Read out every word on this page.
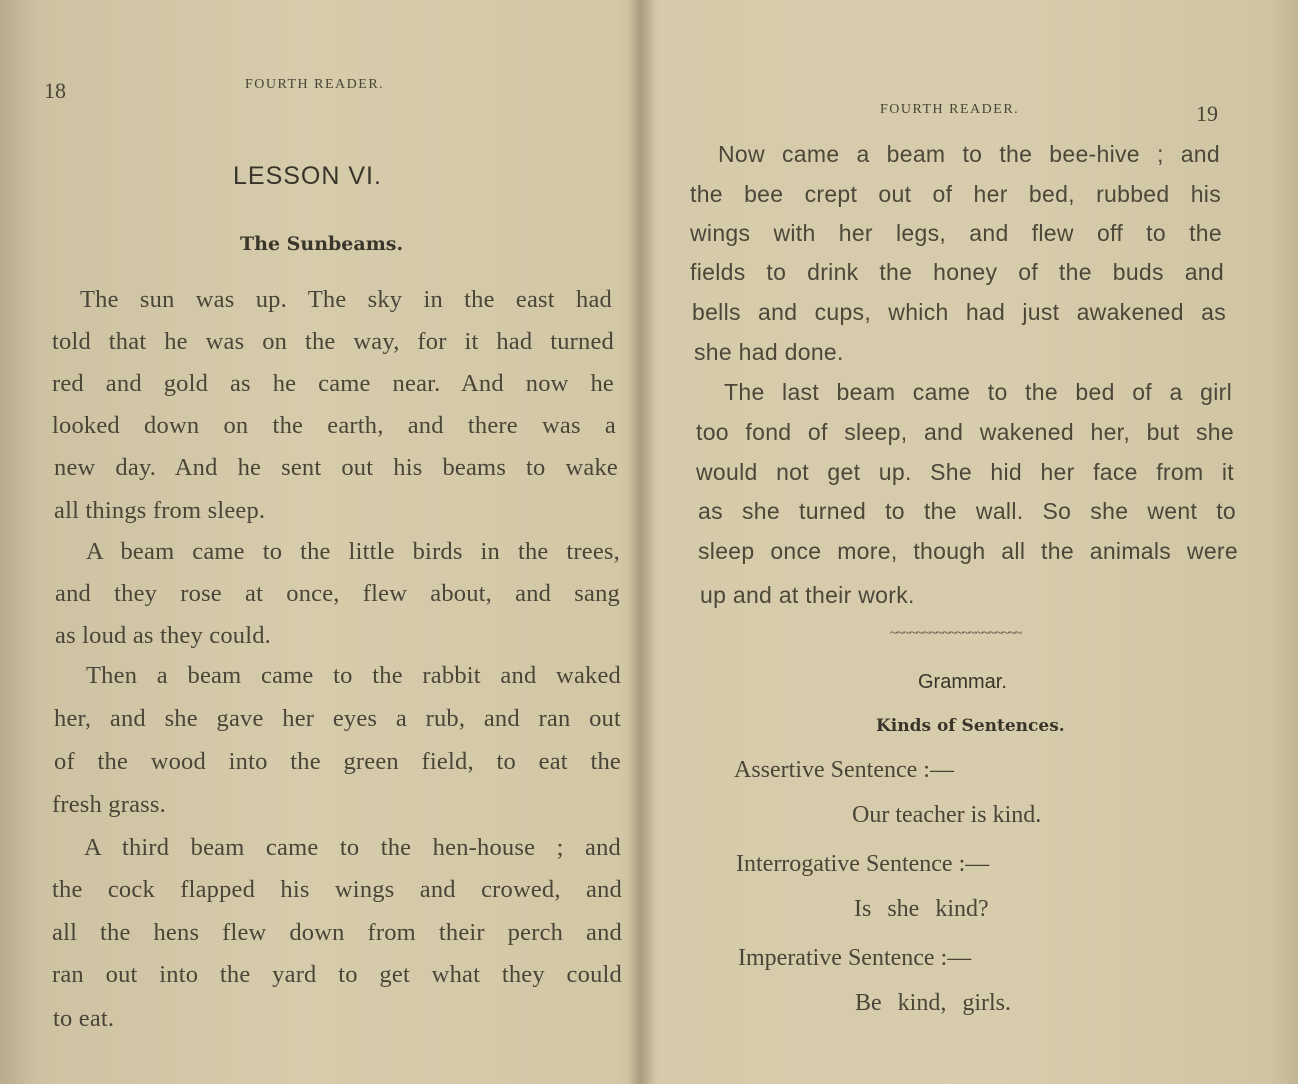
18	FOURTH READER.
LESSON VI.
The Sunbeams.
The sun was up. The sky in the east had
told that he was on the way, for it had turned
red and gold as he came near. And now he
looked down on the earth, and there was a
new day. And he sent out his beams to wake
all things from sleep.
A beam came to the little birds in the trees,
and they rose at once, flew about, and sang
as loud as they could.
Then a beam came to the rabbit and waked
her, and she gave her eyes a rub, and ran out
of the wood into the green field, to eat the
fresh grass.
A third beam came to the hen-house ; and
the cock flapped his wings and crowed, and
all the hens flew down from their perch and
ran out into the yard to get what they could
to eat.
FOURTH READER.	19
Now came a beam to the bee-hive ; and
the bee crept out of her bed, rubbed his
wings with her legs, and flew off to the
fields to drink the honey of the buds and
bells and cups, which had just awakened as
she had done.
The last beam came to the bed of a girl
too fond of sleep, and wakened her, but she
would not get up. She hid her face from it
as she turned to the wall. So she went to
sleep once more, though all the animals were
up and at their work.
~~~~~~~~~~~~~~~~~~~~
Grammar.
Kinds of Sentences.
Assertive Sentence :—
Our teacher is kind.
Interrogative Sentence :—
Is she kind?
Imperative Sentence :—
Be kind, girls.
